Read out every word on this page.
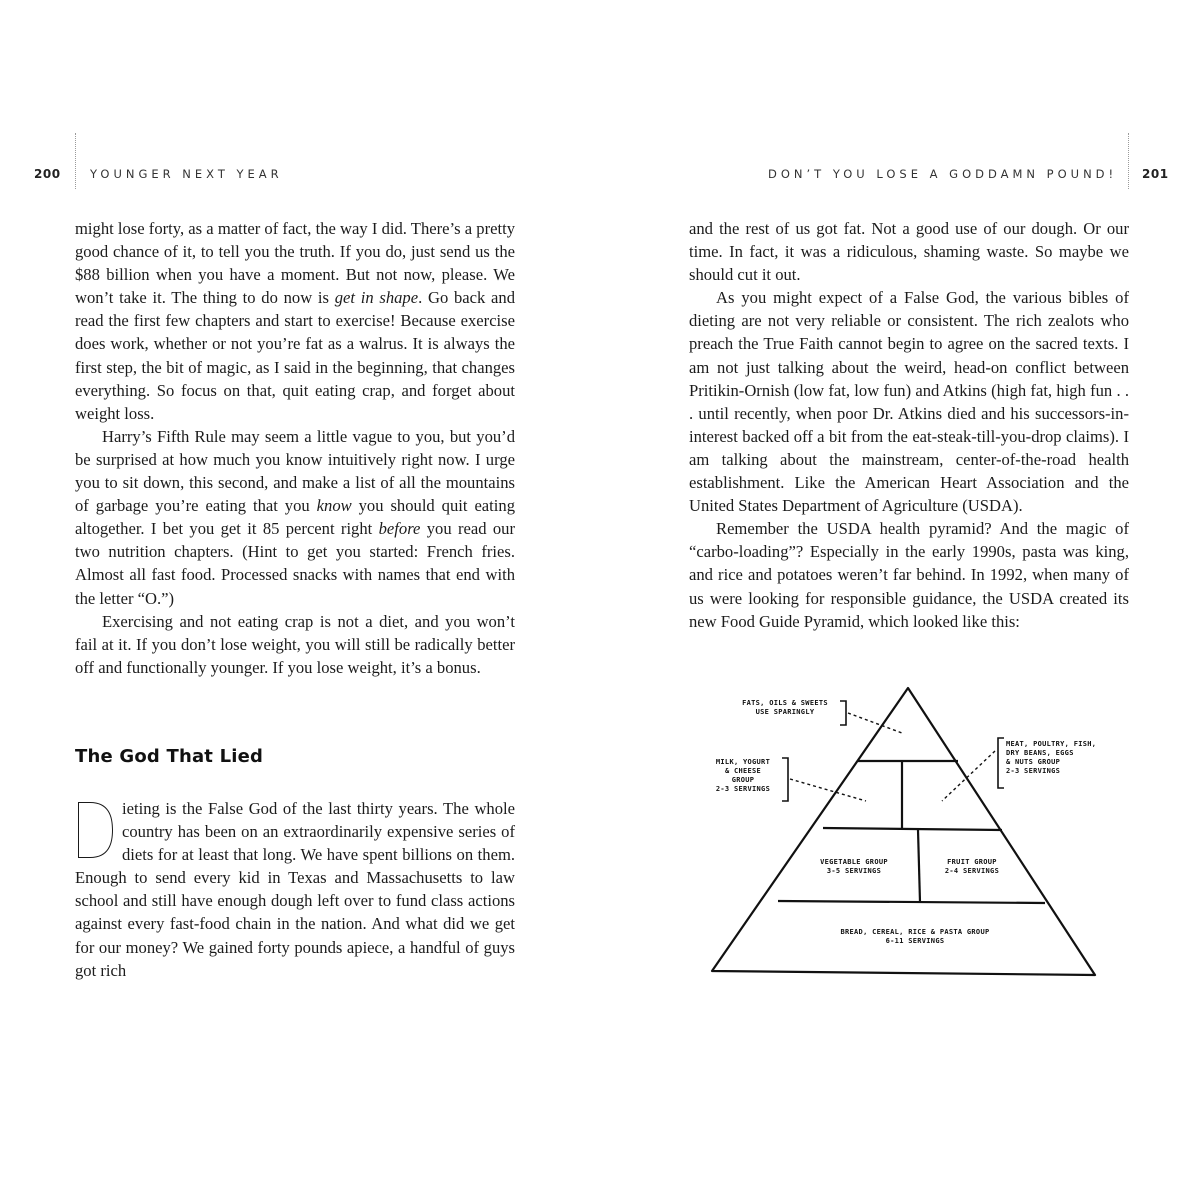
200	YOUNGER NEXT YEAR

might lose forty, as a matter of fact, the way I did. There’s a pretty good chance of it, to tell you the truth. If you do, just send us the $88 billion when you have a moment. But not now, please. We won’t take it. The thing to do now is get in shape. Go back and read the first few chapters and start to exercise! Because exercise does work, whether or not you’re fat as a walrus. It is always the first step, the bit of magic, as I said in the beginning, that changes everything. So focus on that, quit eating crap, and forget about weight loss.

Harry’s Fifth Rule may seem a little vague to you, but you’d be surprised at how much you know intuitively right now. I urge you to sit down, this second, and make a list of all the mountains of garbage you’re eating that you know you should quit eating altogether. I bet you get it 85 percent right before you read our two nutrition chapters. (Hint to get you started: French fries. Almost all fast food. Processed snacks with names that end with the letter “O.”)

Exercising and not eating crap is not a diet, and you won’t fail at it. If you don’t lose weight, you will still be radically better off and functionally younger. If you lose weight, it’s a bonus.

The God That Lied

ieting is the False God of the last thirty years. The whole country has been on an extraordinarily expensive series of diets for at least that long. We have spent billions on them. Enough to send every kid in Texas and Massachusetts to law school and still have enough dough left over to fund class actions against every fast-food chain in the nation. And what did we get for our money? We gained forty pounds apiece, a handful of guys got rich

DON’T YOU LOSE A GODDAMN POUND! 201

and the rest of us got fat. Not a good use of our dough. Or our time. In fact, it was a ridiculous, shaming waste. So maybe we should cut it out.

As you might expect of a False God, the various bibles of dieting are not very reliable or consistent. The rich zealots who preach the True Faith cannot begin to agree on the sacred texts. I am not just talking about the weird, head-on conflict between Pritikin-Ornish (low fat, low fun) and Atkins (high fat, high fun . . . until recently, when poor Dr. Atkins died and his successors-in-interest backed off a bit from the eat-steak-till-you-drop claims). I am talking about the mainstream, center-of-the-road health establishment. Like the American Heart Association and the United States Department of Agriculture (USDA).

Remember the USDA health pyramid? And the magic of “carbo-loading”? Especially in the early 1990s, pasta was king, and rice and potatoes weren’t far behind. In 1992, when many of us were looking for responsible guidance, the USDA created its new Food Guide Pyramid, which looked like this:

FATS, OILS & SWEETS
USE SPARINGLY
MILK, YOGURT
& CHEESE
GROUP
2-3 SERVINGS
MEAT, POULTRY, FISH,
DRY BEANS, EGGS
& NUTS GROUP
2-3 SERVINGS
VEGETABLE GROUP
3-5 SERVINGS
FRUIT GROUP
2-4 SERVINGS
BREAD, CEREAL, RICE & PASTA GROUP
6-11 SERVINGS
